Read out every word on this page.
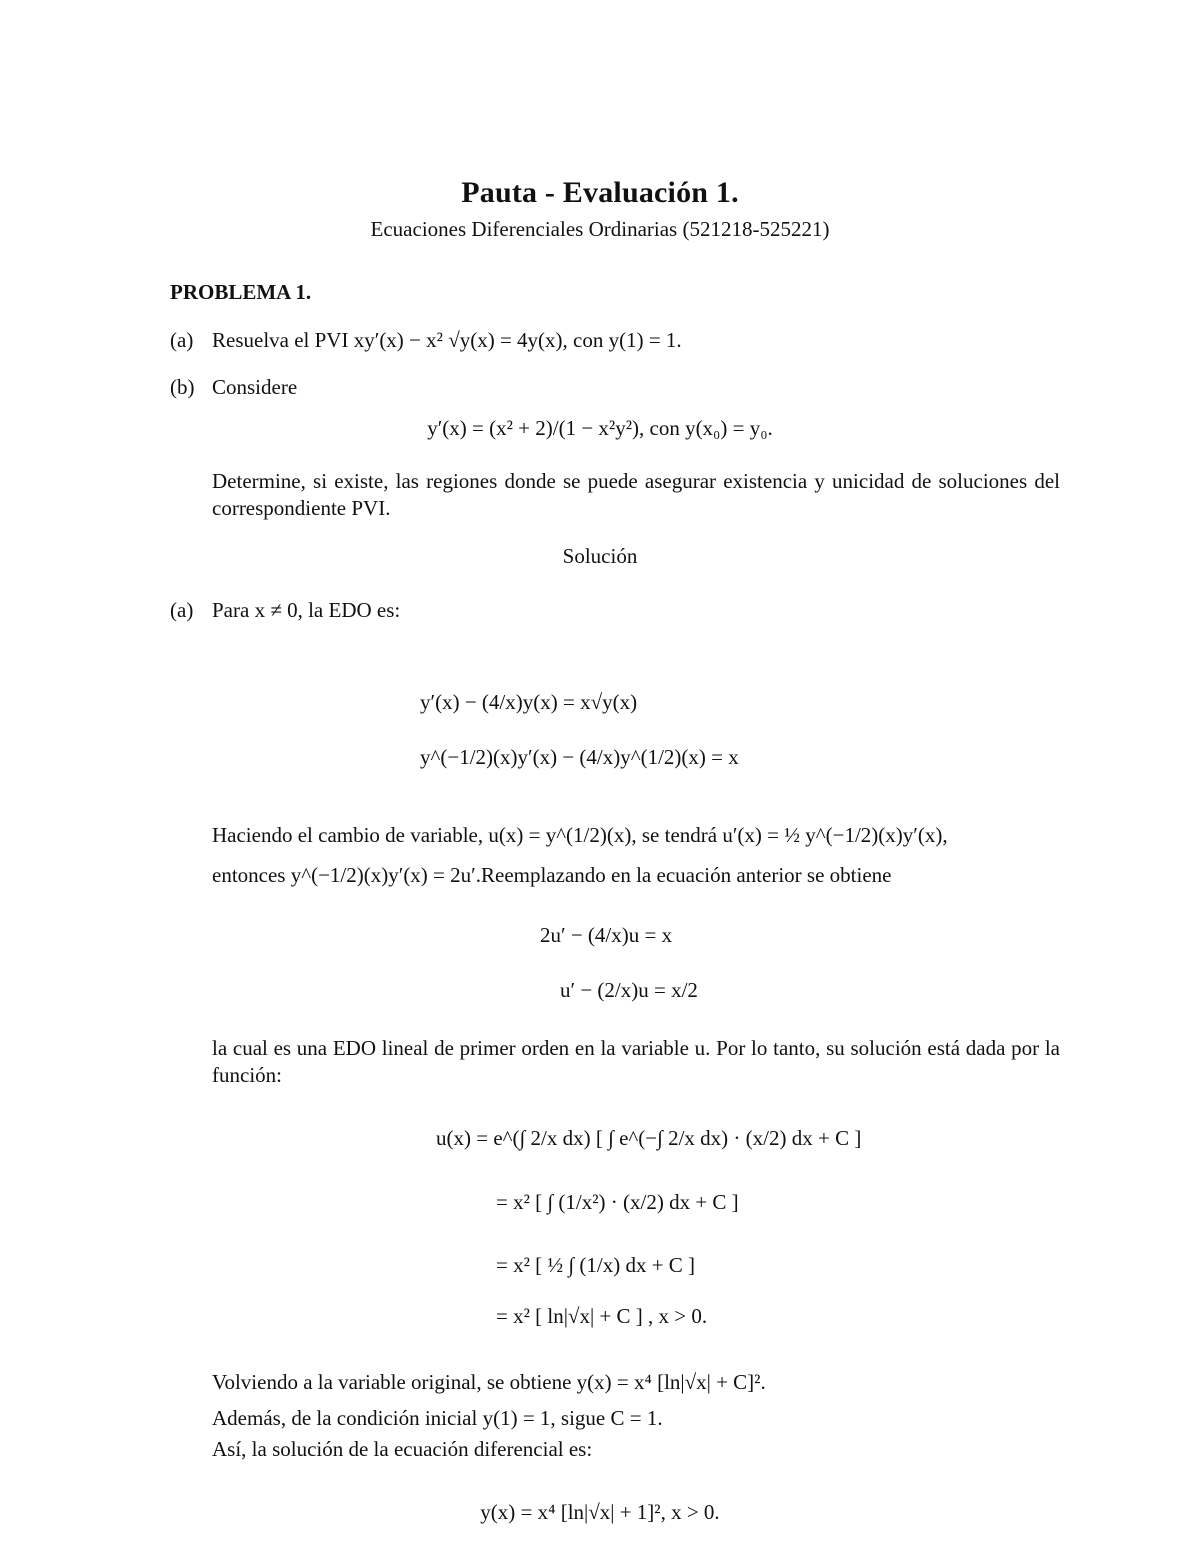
Pauta - Evaluación 1.
Ecuaciones Diferenciales Ordinarias (521218-525221)
PROBLEMA 1.
(a) Resuelva el PVI xy′(x) − x² √y(x) = 4y(x), con y(1) = 1.
(b) Considere
y′(x) = (x² + 2)/(1 − x²y²), con y(x₀) = y₀.
Determine, si existe, las regiones donde se puede asegurar existencia y unicidad de soluciones del correspondiente PVI.
Solución
(a) Para x ≠ 0, la EDO es:
y′(x) − (4/x)y(x) = x√y(x)
y^(−1/2)(x)y′(x) − (4/x)y^(1/2)(x) = x
Haciendo el cambio de variable, u(x) = y^(1/2)(x), se tendrá u′(x) = ½ y^(−1/2)(x)y′(x),
entonces y^(−1/2)(x)y′(x) = 2u′.Reemplazando en la ecuación anterior se obtiene
2u′ − (4/x)u = x
u′ − (2/x)u = x/2
la cual es una EDO lineal de primer orden en la variable u. Por lo tanto, su solución está dada por la función:
u(x) = e^(∫ 2/x dx) [ ∫ e^(−∫ 2/x dx) · (x/2) dx + C ]
= x² [ ∫ (1/x²) · (x/2) dx + C ]
= x² [ ½ ∫ (1/x) dx + C ]
= x² [ ln|√x| + C ] , x > 0.
Volviendo a la variable original, se obtiene y(x) = x⁴ [ln|√x| + C]².
Además, de la condición inicial y(1) = 1, sigue C = 1.
Así, la solución de la ecuación diferencial es:
y(x) = x⁴ [ln|√x| + 1]², x > 0.
